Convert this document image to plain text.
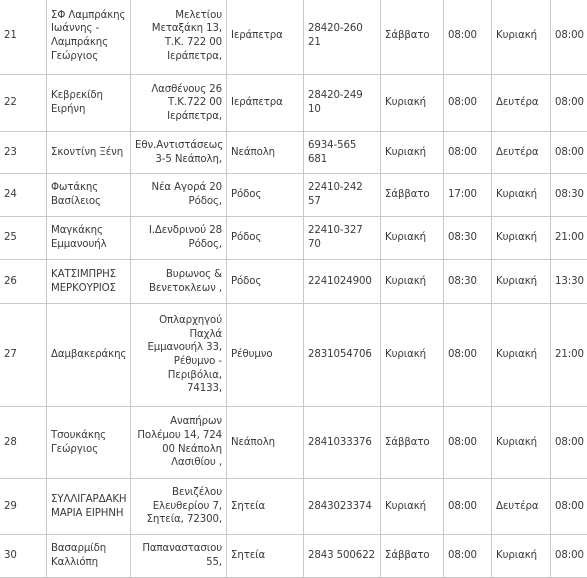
21	ΣΦ Λαμπράκης Ιωάννης - Λαμπράκης Γεώργιος	Μελετίου Μεταξάκη 13, Τ.Κ. 722 00 Ιεράπετρα,	Ιεράπετρα	28420-260 21	Σάββατο	08:00	Κυριακή	08:00
22	Κεβρεκίδη Ειρήνη	Λασθένους 26 Τ.Κ.722 00 Ιεράπετρα,	Ιεράπετρα	28420-249 10	Κυριακή	08:00	Δευτέρα	08:00
23	Σκοντίνη Ξένη	Εθν.Αντιστάσεως 3-5 Νεάπολη,	Νεάπολη	6934-565 681	Κυριακή	08:00	Δευτέρα	08:00
24	Φωτάκης Βασίλειος	Νέα Αγορά 20 Ρόδος,	Ρόδος	22410-242 57	Σάββατο	17:00	Κυριακή	08:30
25	Μαγκάκης Εμμανουήλ	Ι.Δενδρινού 28 Ρόδος,	Ρόδος	22410-327 70	Κυριακή	08:30	Κυριακή	21:00
26	ΚΑΤΣΙΜΠΡΗΣ ΜΕΡΚΟΥΡΙΟΣ	Βυρωνος & Βενετοκλεων ,	Ρόδος	2241024900	Κυριακή	08:30	Κυριακή	13:30
27	Δαμβακεράκης	Οπλαρχηγού Παχλά Εμμανουήλ 33, Ρέθυμνο - Περιβόλια, 74133,	Ρέθυμνο	2831054706	Κυριακή	08:00	Κυριακή	21:00
28	Τσουκάκης Γεώργιος	Αναπήρων Πολέμου 14, 724 00 Νεάπολη Λασιθίου ,	Νεάπολη	2841033376	Σάββατο	08:00	Κυριακή	08:00
29	ΣΥΛΛΙΓΑΡΔΑΚΗ ΜΑΡΙΑ ΕΙΡΗΝΗ	Βενιζέλου Ελευθερίου 7, Σητεία, 72300,	Σητεία	2843023374	Κυριακή	08:00	Δευτέρα	08:00
30	Βασαρμίδη Καλλιόπη	Παπαναστασιου 55,	Σητεία	2843 500622	Σάββατο	08:00	Κυριακή	08:00
